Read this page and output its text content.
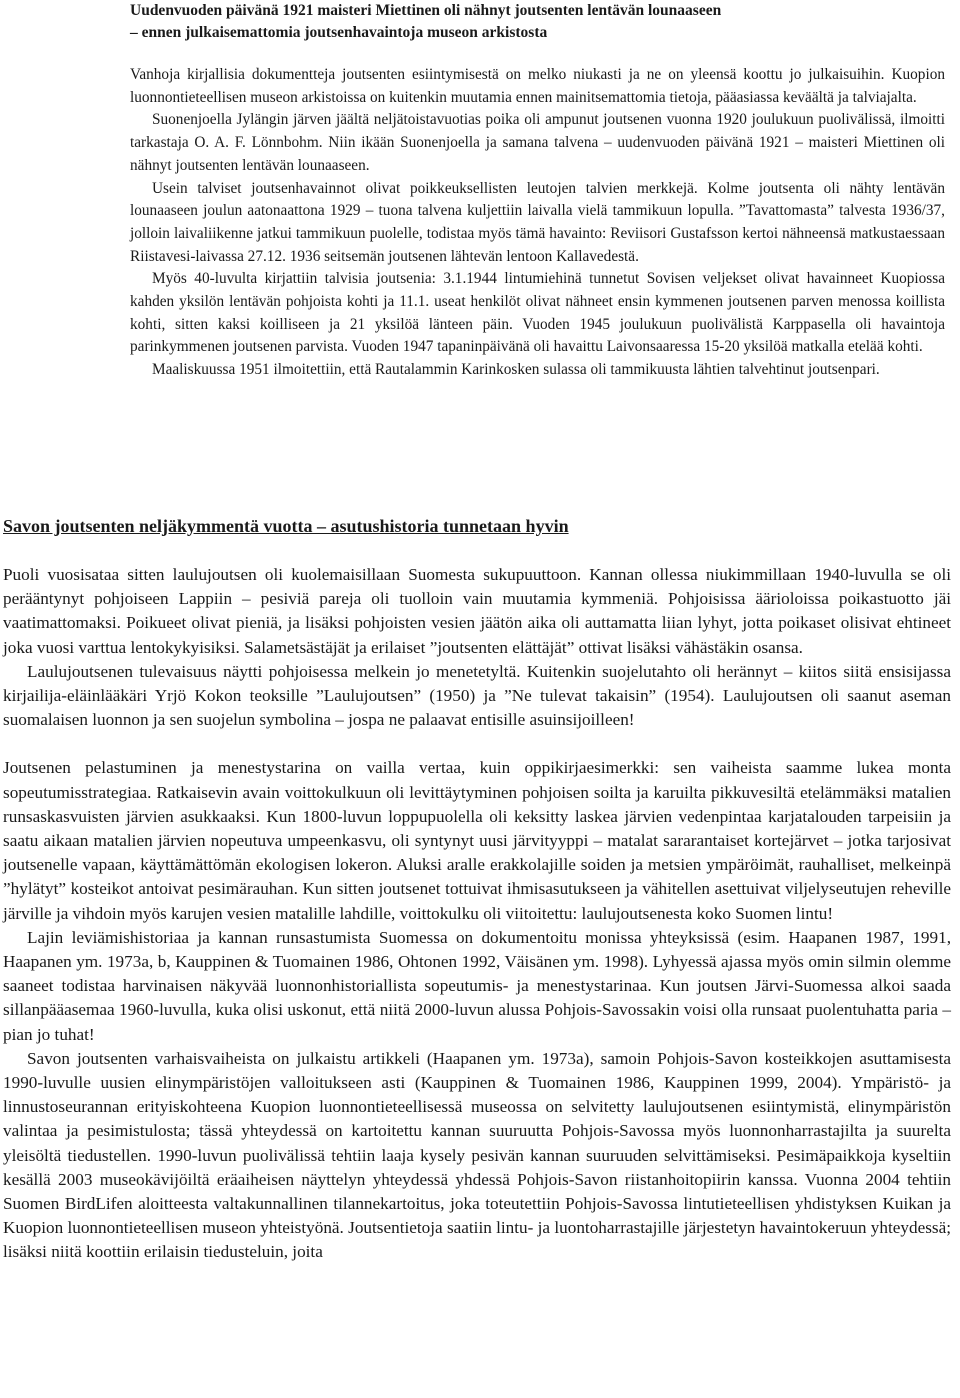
Uudenvuoden päivänä 1921 maisteri Miettinen oli nähnyt joutsenten lentävän lounaaseen
– ennen julkaisemattomia joutsenhavaintoja museon arkistosta

Vanhoja kirjallisia dokumentteja joutsenten esiintymisestä on melko niukasti ja ne on yleensä koottu jo julkaisuihin. Kuopion luonnontieteellisen museon arkistoissa on kuitenkin muutamia ennen mainitsemattomia tietoja, pääasiassa keväältä ja talviajalta.

Suonenjoella Jylängin järven jäältä neljätoistavuotias poika oli ampunut joutsenen vuonna 1920 joulukuun puolivälissä, ilmoitti tarkastaja O. A. F. Lönnbohm. Niin ikään Suonenjoella ja samana talvena – uudenvuoden päivänä 1921 – maisteri Miettinen oli nähnyt joutsenten lentävän lounaaseen.

Usein talviset joutsenhavainnot olivat poikkeuksellisten leutojen talvien merkkejä. Kolme joutsenta oli nähty lentävän lounaaseen joulun aatonaattona 1929 – tuona talvena kuljettiin laivalla vielä tammikuun lopulla. ”Tavattomasta” talvesta 1936/37, jolloin laivaliikenne jatkui tammikuun puolelle, todistaa myös tämä havainto: Reviisori Gustafsson kertoi nähneensä matkustaessaan Riistavesi-laivassa 27.12. 1936 seitsemän joutsenen lähtevän lentoon Kallavedestä.

Myös 40-luvulta kirjattiin talvisia joutsenia: 3.1.1944 lintumiehinä tunnetut Sovisen veljekset olivat havainneet Kuopiossa kahden yksilön lentävän pohjoista kohti ja 11.1. useat henkilöt olivat nähneet ensin kymmenen joutsenen parven menossa koillista kohti, sitten kaksi koilliseen ja 21 yksilöä länteen päin. Vuoden 1945 joulukuun puolivälistä Karppasella oli havaintoja parinkymmenen joutsenen parvista. Vuoden 1947 tapaninpäivänä oli havaittu Laivonsaaressa 15-20 yksilöä matkalla etelää kohti.

Maaliskuussa 1951 ilmoitettiin, että Rautalammin Karinkosken sulassa oli tammikuusta lähtien talvehtinut joutsenpari.

Savon joutsenten neljäkymmentä vuotta – asutushistoria tunnetaan hyvin

Puoli vuosisataa sitten laulujoutsen oli kuolemaisillaan Suomesta sukupuuttoon. Kannan ollessa niukimmillaan 1940-luvulla se oli perääntynyt pohjoiseen Lappiin – pesiviä pareja oli tuolloin vain muutamia kymmeniä. Pohjoisissa äärioloissa poikastuotto jäi vaatimattomaksi. Poikueet olivat pieniä, ja lisäksi pohjoisten vesien jäätön aika oli auttamatta liian lyhyt, jotta poikaset olisivat ehtineet joka vuosi varttua lentokykyisiksi. Salametsästäjät ja erilaiset ”joutsenten elättäjät” ottivat lisäksi vähästäkin osansa.

Laulujoutsenen tulevaisuus näytti pohjoisessa melkein jo menetetyltä. Kuitenkin suojelutahto oli herännyt – kiitos siitä ensisijassa kirjailija-eläinlääkäri Yrjö Kokon teoksille ”Laulujoutsen” (1950) ja ”Ne tulevat takaisin” (1954). Laulujoutsen oli saanut aseman suomalaisen luonnon ja sen suojelun symbolina – jospa ne palaavat entisille asuinsijoilleen!

Joutsenen pelastuminen ja menestystarina on vailla vertaa, kuin oppikirjaesimerkki: sen vaiheista saamme lukea monta sopeutumisstrategiaa. Ratkaisevin avain voittokulkuun oli levittäytyminen pohjoisen soilta ja karuilta pikkuvesiltä etelämmäksi matalien runsaskasvuisten järvien asukkaaksi. Kun 1800-luvun loppupuolella oli keksitty laskea järvien vedenpintaa karjatalouden tarpeisiin ja saatu aikaan matalien järvien nopeutuva umpeenkasvu, oli syntynyt uusi järvityyppi – matalat sararantaiset kortejärvet – jotka tarjosivat joutsenelle vapaan, käyttämättömän ekologisen lokeron. Aluksi aralle erakkolajille soiden ja metsien ympäröimät, rauhalliset, melkeinpä ”hylätyt” kosteikot antoivat pesimärauhan. Kun sitten joutsenet tottuivat ihmisasutukseen ja vähitellen asettuivat viljelyseutujen reheville järville ja vihdoin myös karujen vesien matalille lahdille, voittokulku oli viitoitettu: laulujoutsenesta koko Suomen lintu!

Lajin leviämishistoriaa ja kannan runsastumista Suomessa on dokumentoitu monissa yhteyksissä (esim. Haapanen 1987, 1991, Haapanen ym. 1973a, b, Kauppinen & Tuomainen 1986, Ohtonen 1992, Väisänen ym. 1998). Lyhyessä ajassa myös omin silmin olemme saaneet todistaa harvinaisen näkyvää luonnonhistoriallista sopeutumis- ja menestystarinaa. Kun joutsen Järvi-Suomessa alkoi saada sillanpääasemaa 1960-luvulla, kuka olisi uskonut, että niitä 2000-luvun alussa Pohjois-Savossakin voisi olla runsaat puolentuhatta paria – pian jo tuhat!

Savon joutsenten varhaisvaiheista on julkaistu artikkeli (Haapanen ym. 1973a), samoin Pohjois-Savon kosteikkojen asuttamisesta 1990-luvulle uusien elinympäristöjen valloitukseen asti (Kauppinen & Tuomainen 1986, Kauppinen 1999, 2004). Ympäristö- ja linnustoseurannan erityiskohteena Kuopion luonnontieteellisessä museossa on selvitetty laulujoutsenen esiintymistä, elinympäristön valintaa ja pesimistulosta; tässä yhteydessä on kartoitettu kannan suuruutta Pohjois-Savossa myös luonnonharrastajilta ja suurelta yleisöltä tiedustellen. 1990-luvun puolivälissä tehtiin laaja kysely pesivän kannan suuruuden selvittämiseksi. Pesimäpaikkoja kyseltiin kesällä 2003 museokävijöiltä eräaiheisen näyttelyn yhteydessä yhdessä Pohjois-Savon riistanhoitopiirin kanssa. Vuonna 2004 tehtiin Suomen BirdLifen aloitteesta valtakunnallinen tilannekartoitus, joka toteutettiin Pohjois-Savossa lintutieteellisen yhdistyksen Kuikan ja Kuopion luonnontieteellisen museon yhteistyönä. Joutsentietoja saatiin lintu- ja luontoharrastajille järjestetyn havaintokeruun yhteydessä; lisäksi niitä koottiin erilaisin tiedusteluin, joita
